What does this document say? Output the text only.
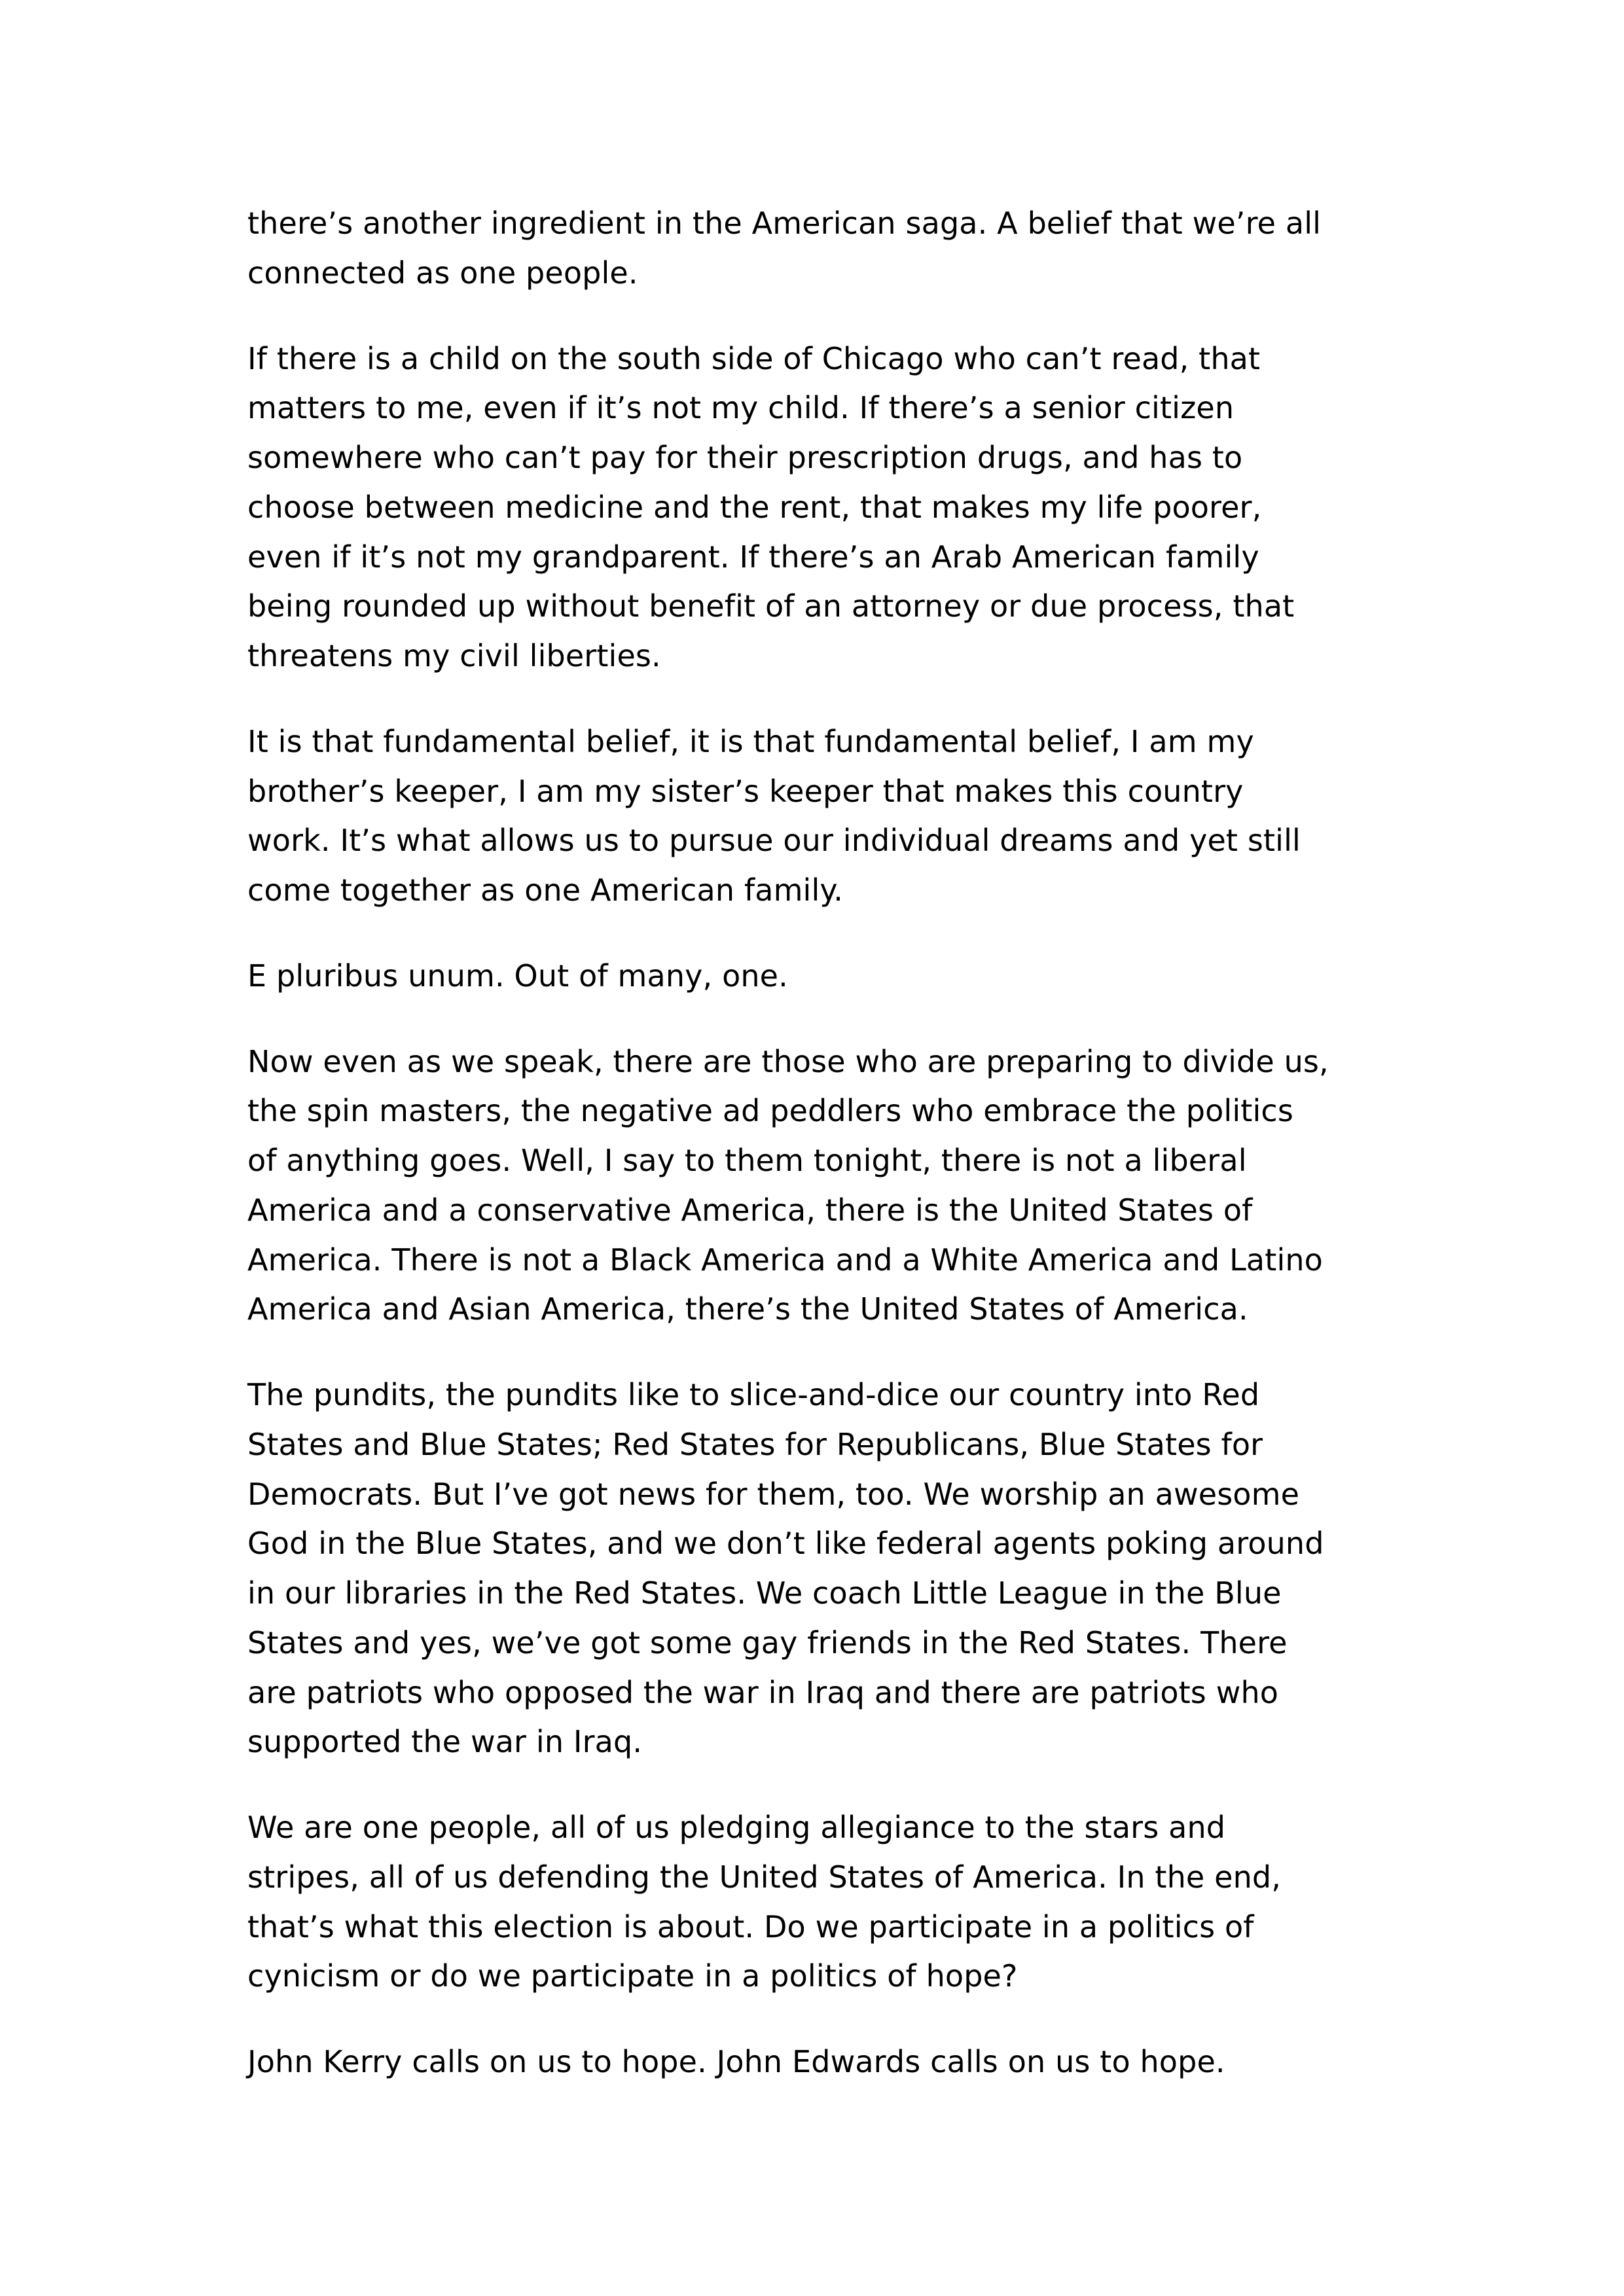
there’s another ingredient in the American saga. A belief that we’re all
connected as one people.

If there is a child on the south side of Chicago who can’t read, that
matters to me, even if it’s not my child. If there’s a senior citizen
somewhere who can’t pay for their prescription drugs, and has to
choose between medicine and the rent, that makes my life poorer,
even if it’s not my grandparent. If there’s an Arab American family
being rounded up without benefit of an attorney or due process, that
threatens my civil liberties.

It is that fundamental belief, it is that fundamental belief, I am my
brother’s keeper, I am my sister’s keeper that makes this country
work. It’s what allows us to pursue our individual dreams and yet still
come together as one American family.

E pluribus unum. Out of many, one.

Now even as we speak, there are those who are preparing to divide us,
the spin masters, the negative ad peddlers who embrace the politics
of anything goes. Well, I say to them tonight, there is not a liberal
America and a conservative America, there is the United States of
America. There is not a Black America and a White America and Latino
America and Asian America, there’s the United States of America.

The pundits, the pundits like to slice-and-dice our country into Red
States and Blue States; Red States for Republicans, Blue States for
Democrats. But I’ve got news for them, too. We worship an awesome
God in the Blue States, and we don’t like federal agents poking around
in our libraries in the Red States. We coach Little League in the Blue
States and yes, we’ve got some gay friends in the Red States. There
are patriots who opposed the war in Iraq and there are patriots who
supported the war in Iraq.

We are one people, all of us pledging allegiance to the stars and
stripes, all of us defending the United States of America. In the end,
that’s what this election is about. Do we participate in a politics of
cynicism or do we participate in a politics of hope?

John Kerry calls on us to hope. John Edwards calls on us to hope.
